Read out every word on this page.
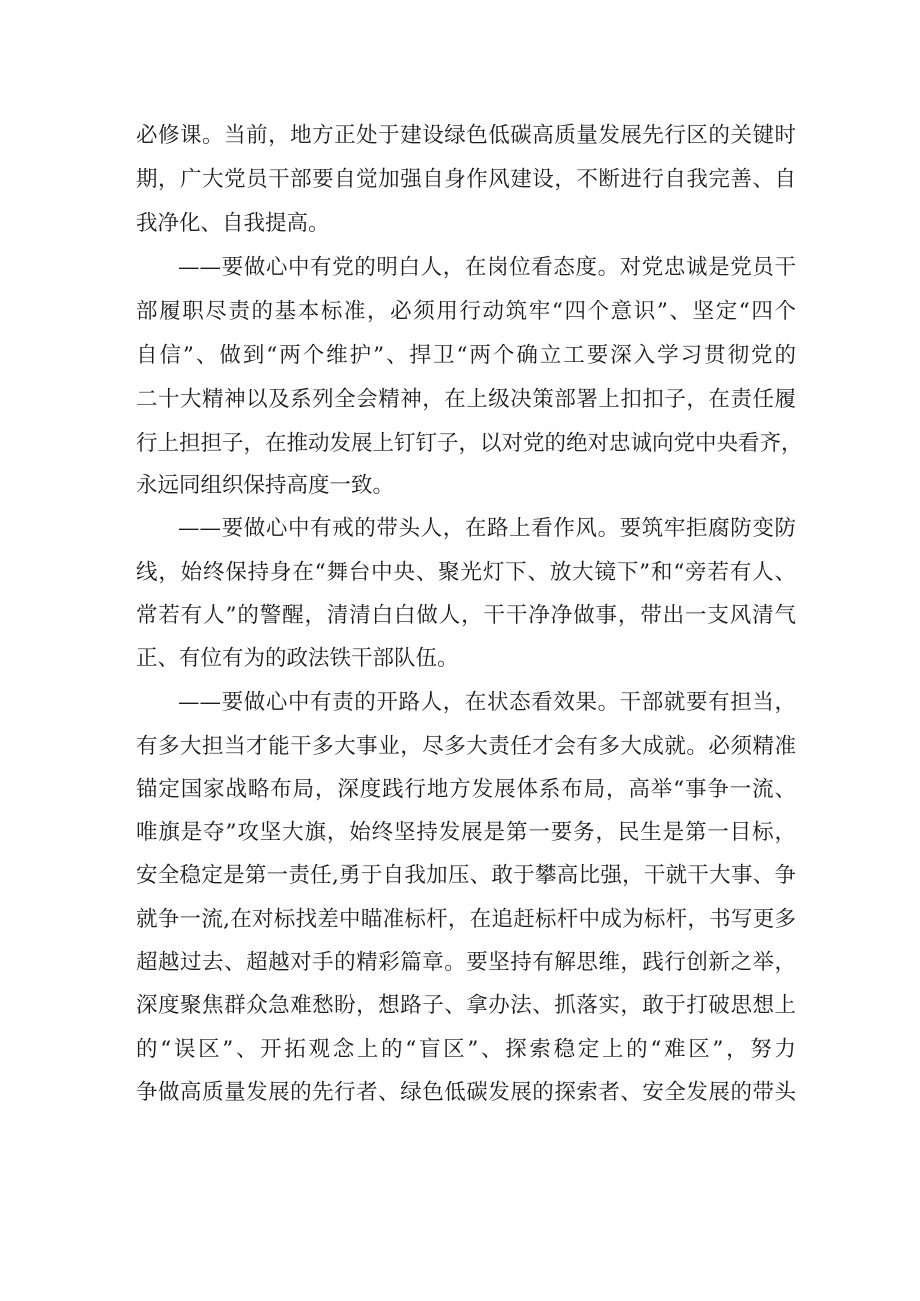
必修课。当前，地方正处于建设绿色低碳高质量发展先行区的关键时
期，广大党员干部要自觉加强自身作风建设，不断进行自我完善、自
我净化、自我提高。
——要做心中有党的明白人，在岗位看态度。对党忠诚是党员干
部履职尽责的基本标准，必须用行动筑牢“四个意识”、坚定“四个
自信”、做到“两个维护”、捍卫“两个确立工要深入学习贯彻党的
二十大精神以及系列全会精神，在上级决策部署上扣扣子，在责任履
行上担担子，在推动发展上钉钉子，以对党的绝对忠诚向党中央看齐，
永远同组织保持高度一致。
——要做心中有戒的带头人，在路上看作风。要筑牢拒腐防变防
线，始终保持身在“舞台中央、聚光灯下、放大镜下”和“旁若有人、
常若有人”的警醒，清清白白做人，干干净净做事，带出一支风清气
正、有位有为的政法铁干部队伍。
——要做心中有责的开路人，在状态看效果。干部就要有担当，
有多大担当才能干多大事业，尽多大责任才会有多大成就。必须精准
锚定国家战略布局，深度践行地方发展体系布局，高举“事争一流、
唯旗是夺”攻坚大旗，始终坚持发展是第一要务，民生是第一目标，
安全稳定是第一责任,勇于自我加压、敢于攀高比强，干就干大事、争
就争一流,在对标找差中瞄准标杆，在追赶标杆中成为标杆，书写更多
超越过去、超越对手的精彩篇章。要坚持有解思维，践行创新之举，
深度聚焦群众急难愁盼，想路子、拿办法、抓落实，敢于打破思想上
的“误区”、开拓观念上的“盲区”、探索稳定上的“难区”，努力
争做高质量发展的先行者、绿色低碳发展的探索者、安全发展的带头
